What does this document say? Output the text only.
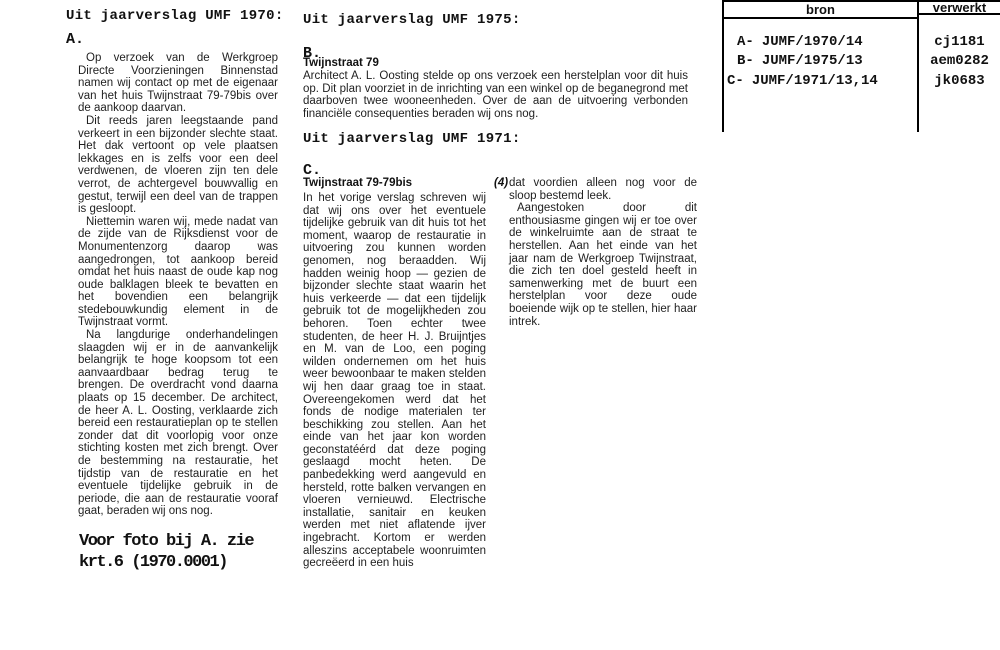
Uit jaarverslag UMF 1970:
A.

Op verzoek van de Werkgroep Directe Voorzieningen Binnenstad namen wij contact op met de eigenaar van het huis Twijnstraat 79-79bis over de aankoop daarvan.

Dit reeds jaren leegstaande pand verkeert in een bijzonder slechte staat. Het dak vertoont op vele plaatsen lekkages en is zelfs voor een deel verdwenen, de vloeren zijn ten dele verrot, de achtergevel bouwvallig en gestut, terwijl een deel van de trappen is gesloopt.

Niettemin waren wij, mede nadat van de zijde van de Rijksdienst voor de Monumentenzorg daarop was aangedrongen, tot aankoop bereid omdat het huis naast de oude kap nog oude balklagen bleek te bevatten en het bovendien een belangrijk stedebouwkundig element in de Twijnstraat vormt.

Na langdurige onderhandelingen slaagden wij er in de aanvankelijk belangrijk te hoge koopsom tot een aanvaardbaar bedrag terug te brengen. De overdracht vond daarna plaats op 15 december. De architect, de heer A. L. Oosting, verklaarde zich bereid een restauratieplan op te stellen zonder dat dit voorlopig voor onze stichting kosten met zich brengt. Over de bestemming na restauratie, het tijdstip van de restauratie en het eventuele tijdelijke gebruik in de periode, die aan de restauratie vooraf gaat, beraden wij ons nog.

Voor foto bij A. zie
krt.6 (1970.0001)
Uit jaarverslag UMF 1975:
B.
Twijnstraat 79

Architect A. L. Oosting stelde op ons verzoek een herstelplan voor dit huis op. Dit plan voorziet in de inrichting van een winkel op de beganegrond met daarboven twee wooneenheden. Over de aan de uitvoering verbonden financiële consequenties beraden wij ons nog.

Uit jaarverslag UMF 1971:
C.
Twijnstraat 79-79bis

In het vorige verslag schreven wij dat wij ons over het eventuele tijdelijke gebruik van dit huis tot het moment, waarop de restauratie in uitvoering zou kunnen worden genomen, nog beraadden. Wij hadden weinig hoop — gezien de bijzonder slechte staat waarin het huis verkeerde — dat een tijdelijk gebruik tot de mogelijkheden zou behoren. Toen echter twee studenten, de heer H. J. Bruijntjes en M. van de Loo, een poging wilden ondernemen om het huis weer bewoonbaar te maken stelden wij hen daar graag toe in staat. Overeengekomen werd dat het fonds de nodige materialen ter beschikking zou stellen. Aan het einde van het jaar kon worden geconstatéérd dat deze poging geslaagd mocht heten. De panbedekking werd aangevuld en hersteld, rotte balken vervangen en vloeren vernieuwd. Electrische installatie, sanitair en keuken werden met niet aflatende ijver ingebracht. Kortom er werden alleszins acceptabele woonruimten gecreëerd in een huis

(4) dat voordien alleen nog voor de sloop bestemd leek.

Aangestoken door dit enthousiasme gingen wij er toe over de winkelruimte aan de straat te herstellen. Aan het einde van het jaar nam de Werkgroep Twijnstraat, die zich ten doel gesteld heeft in samenwerking met de buurt een herstelplan voor deze oude boeiende wijk op te stellen, hier haar intrek.

bron	verwerkt
A- JUMF/1970/14	cj1181
B- JUMF/1975/13	aem0282
C- JUMF/1971/13,14	jk0683
